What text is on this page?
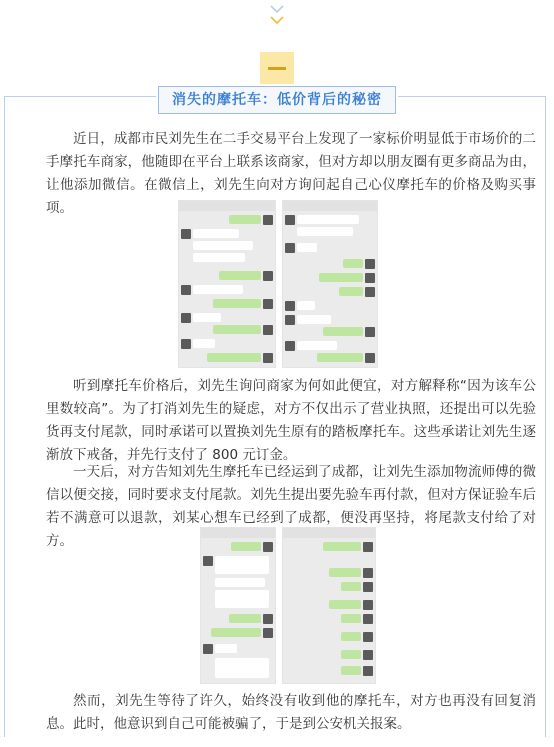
消失的摩托车：低价背后的秘密

近日，成都市民刘先生在二手交易平台上发现了一家标价明显低于市场价的二手摩托车商家，他随即在平台上联系该商家，但对方却以朋友圈有更多商品为由，让他添加微信。在微信上，刘先生向对方询问起自己心仪摩托车的价格及购买事项。

听到摩托车价格后，刘先生询问商家为何如此便宜，对方解释称“因为该车公里数较高”。为了打消刘先生的疑虑，对方不仅出示了营业执照，还提出可以先验货再支付尾款，同时承诺可以置换刘先生原有的踏板摩托车。这些承诺让刘先生逐渐放下戒备，并先行支付了 800 元订金。

一天后，对方告知刘先生摩托车已经运到了成都，让刘先生添加物流师傅的微信以便交接，同时要求支付尾款。刘先生提出要先验车再付款，但对方保证验车后若不满意可以退款，刘某心想车已经到了成都，便没再坚持，将尾款支付给了对方。

然而，刘先生等待了许久，始终没有收到他的摩托车，对方也再没有回复消息。此时，他意识到自己可能被骗了，于是到公安机关报案。
